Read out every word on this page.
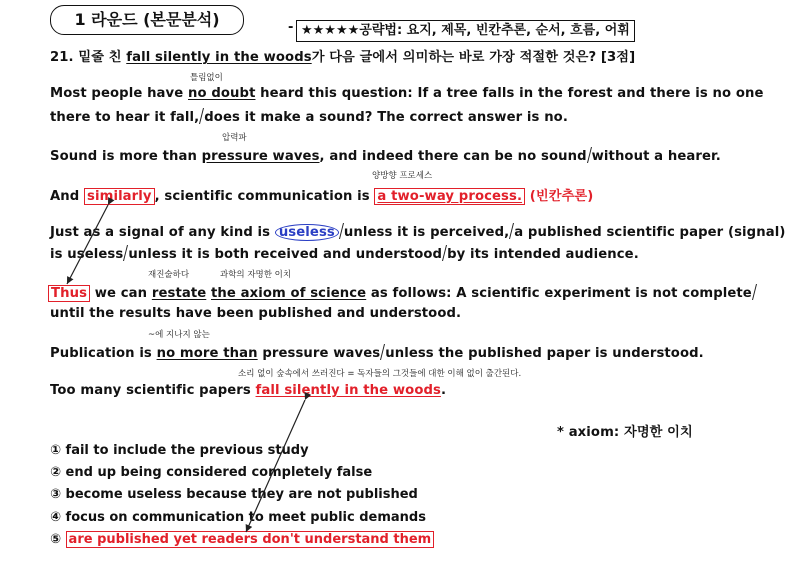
1 라운드 (본문분석)	- ★★★★★공략법: 요지, 제목, 빈칸추론, 순서, 흐름, 어휘
21. 밑줄 친 fall silently in the woods가 다음 글에서 의미하는 바로 가장 적절한 것은? [3점]
틀림없이
압력파
양방향 프로세스
재진술하다	과학의 자명한 이치
~에 지나지 않는
소리 없이 숲속에서 쓰러진다 = 독자들의 그것들에 대한 이해 없이 출간된다.
Most people have no doubt heard this question: If a tree falls in the forest and there is no one
there to hear it fall, does it make a sound? The correct answer is no.
Sound is more than pressure waves, and indeed there can be no sound without a hearer.
And similarly , scientific communication is a two-way process. (빈칸추론)
Just as a signal of any kind is useless unless it is perceived, a published scientific paper (signal)
is useless unless it is both received and understood by its intended audience.
Thus we can restate the axiom of science as follows: A scientific experiment is not complete
until the results have been published and understood.
Publication is no more than pressure waves unless the published paper is understood.
Too many scientific papers fall silently in the woods.
* axiom: 자명한 이치
① fail to include the previous study
② end up being considered completely false
③ become useless because they are not published
④ focus on communication to meet public demands
⑤ are published yet readers don't understand them
